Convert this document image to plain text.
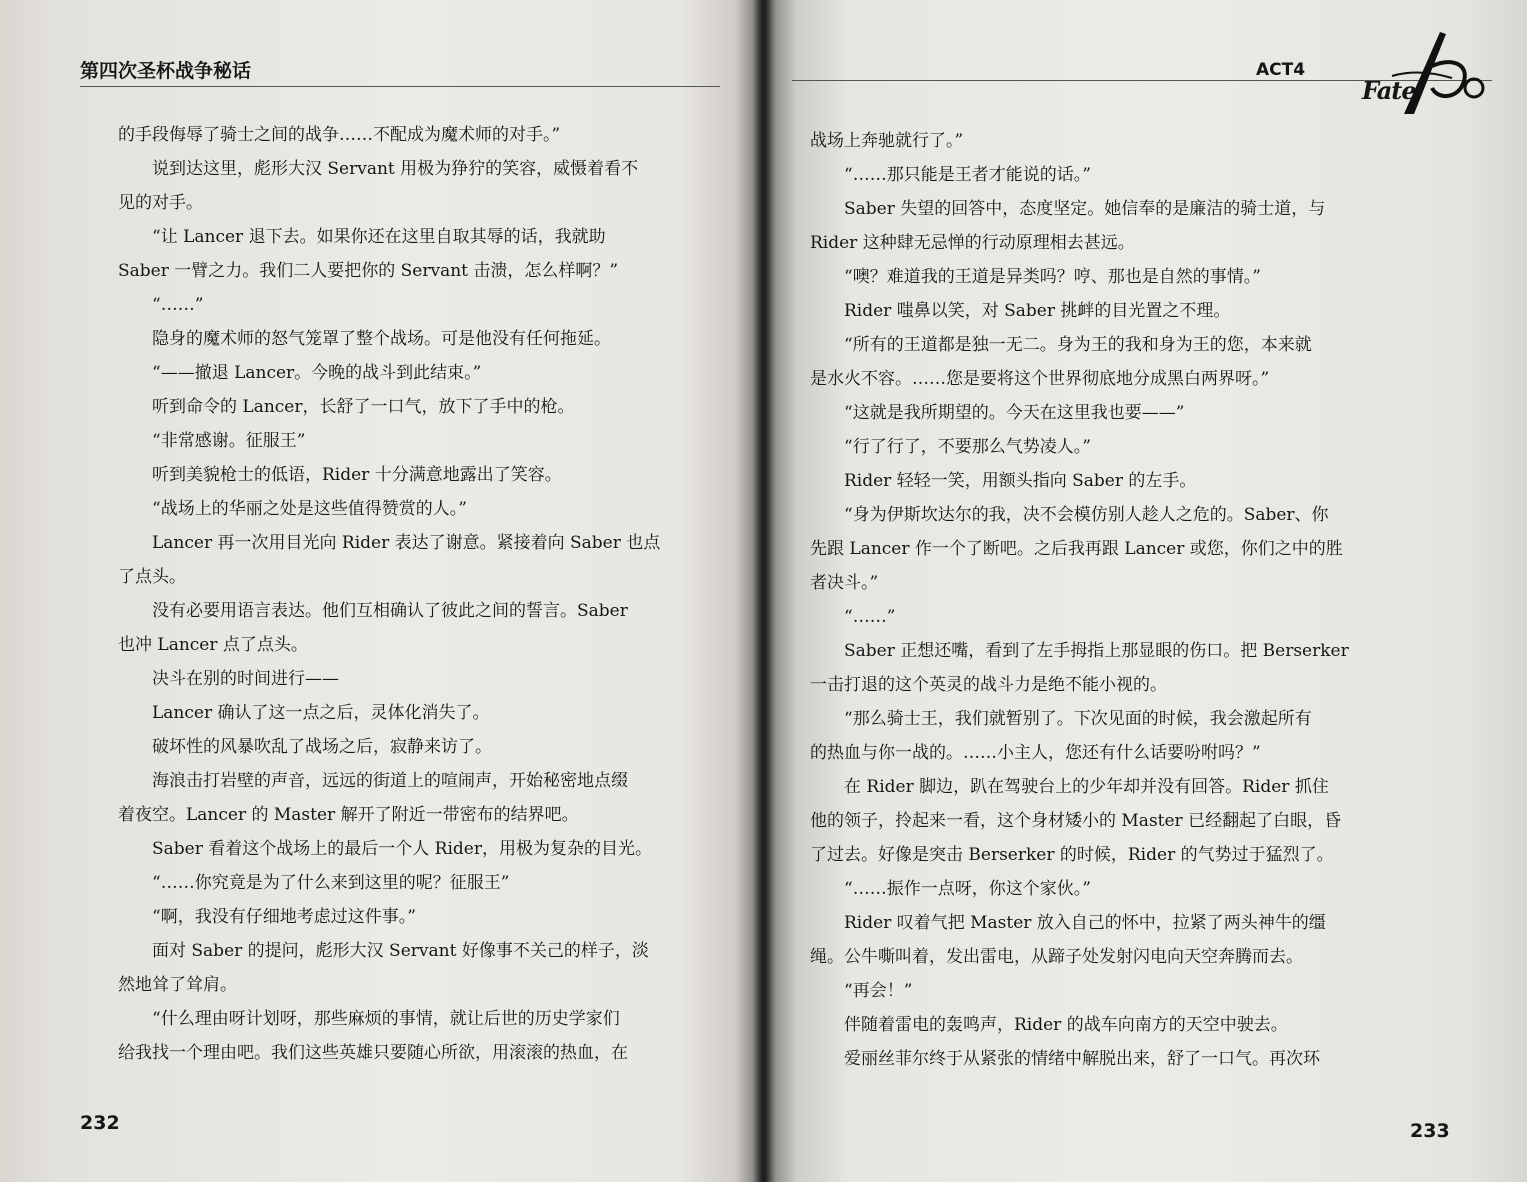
第四次圣杯战争秘话

的手段侮辱了骑士之间的战争……不配成为魔术师的对手。”

说到达这里，彪形大汉 Servant 用极为狰狞的笑容，威慑着看不

见的对手。

“让 Lancer 退下去。如果你还在这里自取其辱的话，我就助

Saber 一臂之力。我们二人要把你的 Servant 击溃，怎么样啊？”

“……”

隐身的魔术师的怒气笼罩了整个战场。可是他没有任何拖延。

“——撤退 Lancer。今晚的战斗到此结束。”

听到命令的 Lancer，长舒了一口气，放下了手中的枪。

“非常感谢。征服王”

听到美貌枪士的低语，Rider 十分满意地露出了笑容。

“战场上的华丽之处是这些值得赞赏的人。”

Lancer 再一次用目光向 Rider 表达了谢意。紧接着向 Saber 也点

了点头。

没有必要用语言表达。他们互相确认了彼此之间的誓言。Saber

也冲 Lancer 点了点头。

决斗在别的时间进行——

Lancer 确认了这一点之后，灵体化消失了。

破坏性的风暴吹乱了战场之后，寂静来访了。

海浪击打岩壁的声音，远远的街道上的喧闹声，开始秘密地点缀

着夜空。Lancer 的 Master 解开了附近一带密布的结界吧。

Saber 看着这个战场上的最后一个人 Rider，用极为复杂的目光。

“……你究竟是为了什么来到这里的呢？征服王”

“啊，我没有仔细地考虑过这件事。”

面对 Saber 的提问，彪形大汉 Servant 好像事不关己的样子，淡

然地耸了耸肩。

“什么理由呀计划呀，那些麻烦的事情，就让后世的历史学家们

给我找一个理由吧。我们这些英雄只要随心所欲，用滚滚的热血，在

232
ACT4
Fate

战场上奔驰就行了。”

“……那只能是王者才能说的话。”

Saber 失望的回答中，态度坚定。她信奉的是廉洁的骑士道，与

Rider 这种肆无忌惮的行动原理相去甚远。

“噢？难道我的王道是异类吗？哼、那也是自然的事情。”

Rider 嗤鼻以笑，对 Saber 挑衅的目光置之不理。

“所有的王道都是独一无二。身为王的我和身为王的您，本来就

是水火不容。……您是要将这个世界彻底地分成黑白两界呀。”

“这就是我所期望的。今天在这里我也要——”

“行了行了，不要那么气势凌人。”

Rider 轻轻一笑，用额头指向 Saber 的左手。

“身为伊斯坎达尔的我，决不会模仿别人趁人之危的。Saber、你

先跟 Lancer 作一个了断吧。之后我再跟 Lancer 或您，你们之中的胜

者决斗。”

“……”

Saber 正想还嘴，看到了左手拇指上那显眼的伤口。把 Berserker

一击打退的这个英灵的战斗力是绝不能小视的。

“那么骑士王，我们就暂别了。下次见面的时候，我会激起所有

的热血与你一战的。……小主人，您还有什么话要吩咐吗？”

在 Rider 脚边，趴在驾驶台上的少年却并没有回答。Rider 抓住

他的领子，拎起来一看，这个身材矮小的 Master 已经翻起了白眼，昏

了过去。好像是突击 Berserker 的时候，Rider 的气势过于猛烈了。

“……振作一点呀，你这个家伙。”

Rider 叹着气把 Master 放入自己的怀中，拉紧了两头神牛的缰

绳。公牛嘶叫着，发出雷电，从蹄子处发射闪电向天空奔腾而去。

“再会！”

伴随着雷电的轰鸣声，Rider 的战车向南方的天空中驶去。

爱丽丝菲尔终于从紧张的情绪中解脱出来，舒了一口气。再次环

233
